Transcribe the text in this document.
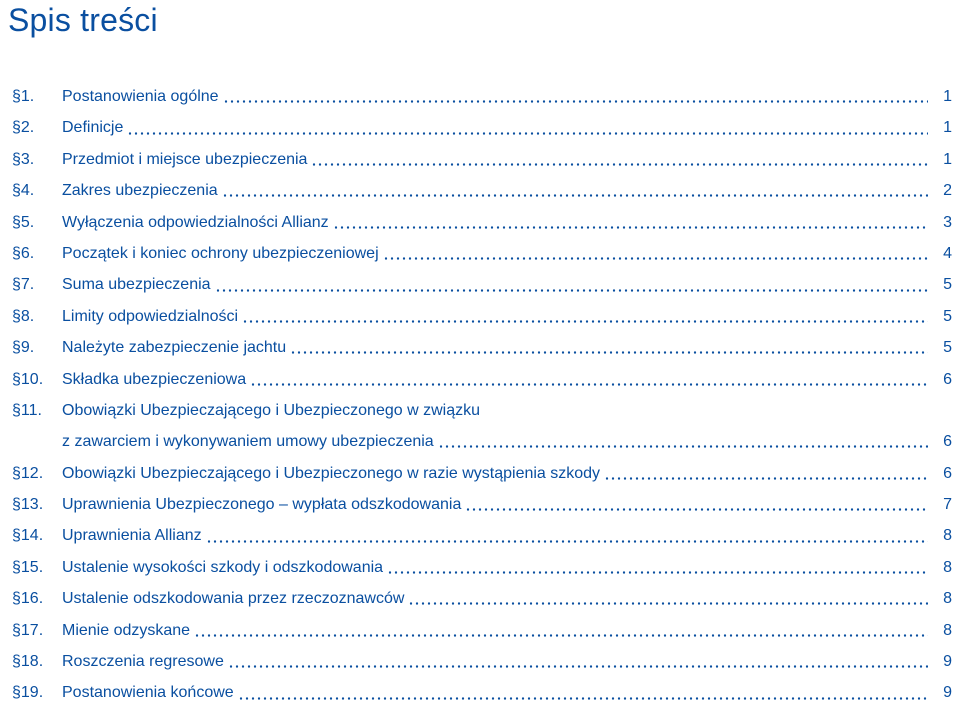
Spis treści
§1. Postanowienia ogólne	1
§2. Definicje	1
§3. Przedmiot i miejsce ubezpieczenia	1
§4. Zakres ubezpieczenia	2
§5. Wyłączenia odpowiedzialności Allianz	3
§6. Początek i koniec ochrony ubezpieczeniowej	4
§7. Suma ubezpieczenia	5
§8. Limity odpowiedzialności	5
§9. Należyte zabezpieczenie jachtu	5
§10. Składka ubezpieczeniowa	6
§11. Obowiązki Ubezpieczającego i Ubezpieczonego w związku
z zawarciem i wykonywaniem umowy ubezpieczenia	6
§12. Obowiązki Ubezpieczającego i Ubezpieczonego w razie wystąpienia szkody	6
§13. Uprawnienia Ubezpieczonego – wypłata odszkodowania	7
§14. Uprawnienia Allianz	8
§15. Ustalenie wysokości szkody i odszkodowania	8
§16. Ustalenie odszkodowania przez rzeczoznawców	8
§17. Mienie odzyskane	8
§18. Roszczenia regresowe	9
§19. Postanowienia końcowe	9
